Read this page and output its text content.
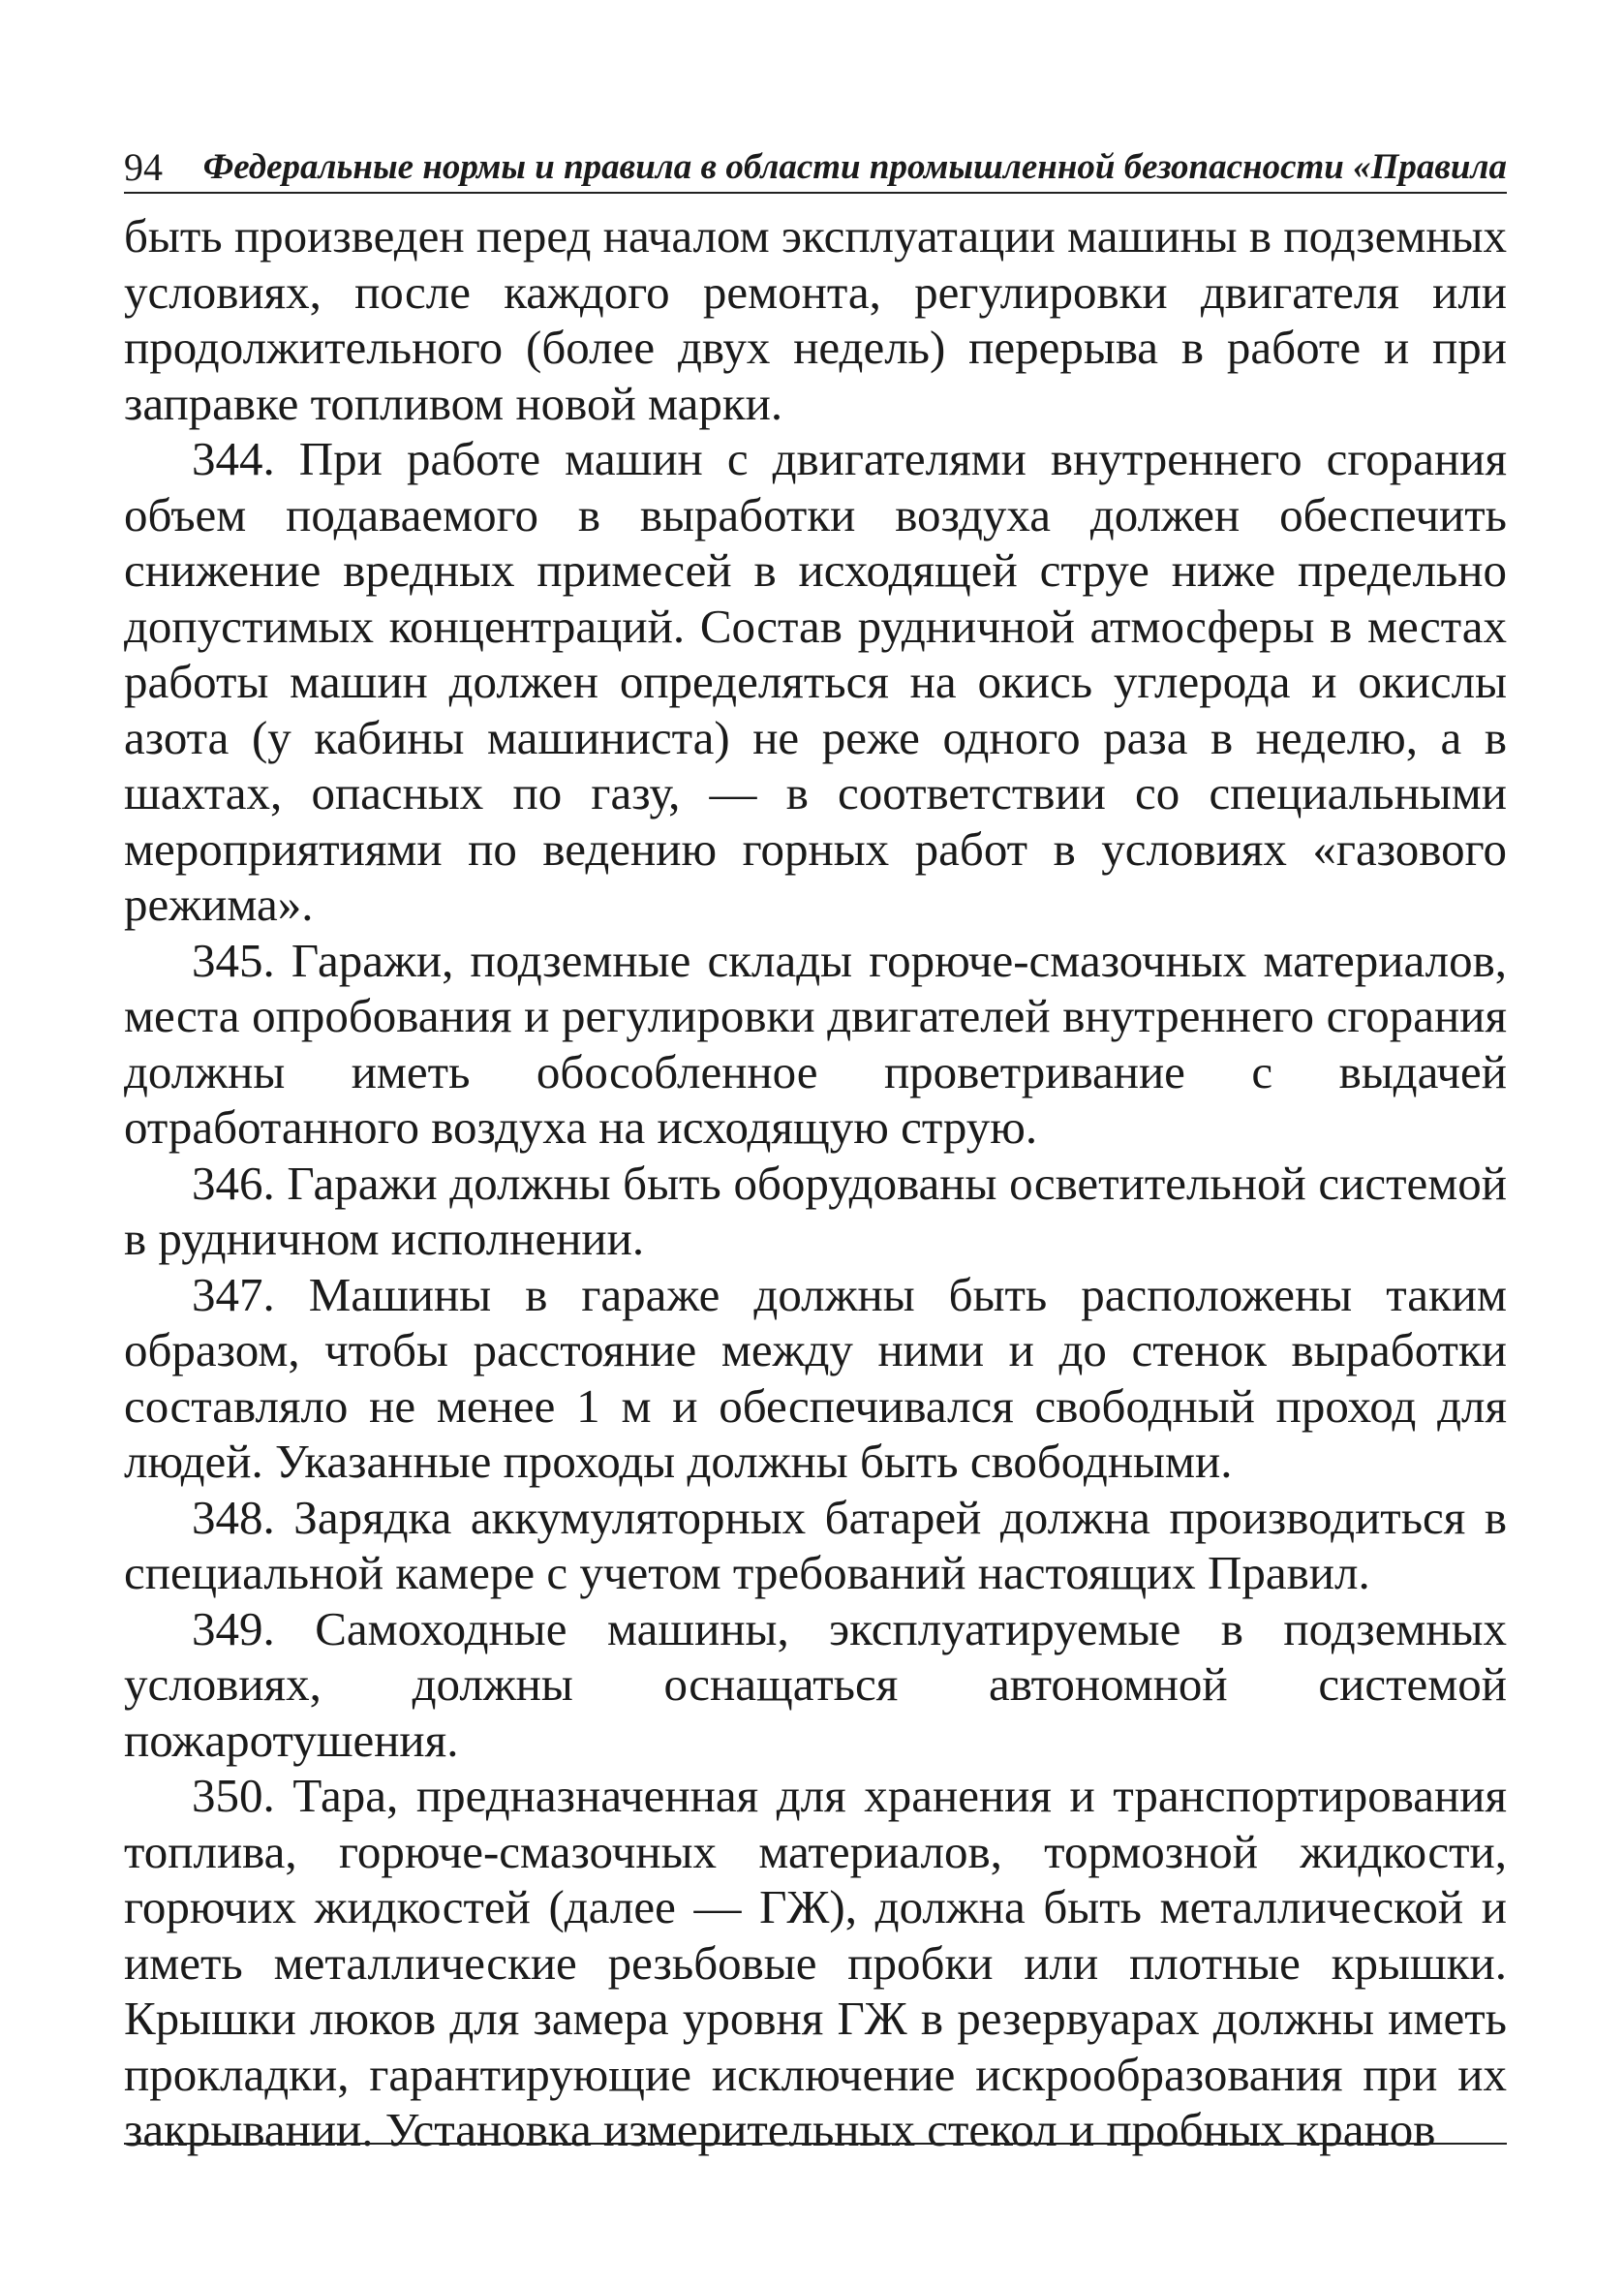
94 Федеральные нормы и правила в области промышленной безопасности «Правила

быть произведен перед началом эксплуатации машины в подземных условиях, после каждого ремонта, регулировки двигателя или продолжительного (более двух недель) перерыва в работе и при заправке топливом новой марки.

344. При работе машин с двигателями внутреннего сгорания объем подаваемого в выработки воздуха должен обеспечить снижение вредных примесей в исходящей струе ниже предельно допустимых концентраций. Состав рудничной атмосферы в местах работы машин должен определяться на окись углерода и окислы азота (у кабины машиниста) не реже одного раза в неделю, а в шахтах, опасных по газу, — в соответствии со специальными мероприятиями по ведению горных работ в условиях «газового режима».

345. Гаражи, подземные склады горюче-смазочных материалов, места опробования и регулировки двигателей внутреннего сгорания должны иметь обособленное проветривание с выдачей отработанного воздуха на исходящую струю.

346. Гаражи должны быть оборудованы осветительной системой в рудничном исполнении.

347. Машины в гараже должны быть расположены таким образом, чтобы расстояние между ними и до стенок выработки составляло не менее 1 м и обеспечивался свободный проход для людей. Указанные проходы должны быть свободными.

348. Зарядка аккумуляторных батарей должна производиться в специальной камере с учетом требований настоящих Правил.

349. Самоходные машины, эксплуатируемые в подземных условиях, должны оснащаться автономной системой пожаротушения.

350. Тара, предназначенная для хранения и транспортирования топлива, горюче-смазочных материалов, тормозной жидкости, горючих жидкостей (далее — ГЖ), должна быть металлической и иметь металлические резьбовые пробки или плотные крышки. Крышки люков для замера уровня ГЖ в резервуарах должны иметь прокладки, гарантирующие исключение искрообразования при их закрывании. Установка измерительных стекол и пробных кранов
